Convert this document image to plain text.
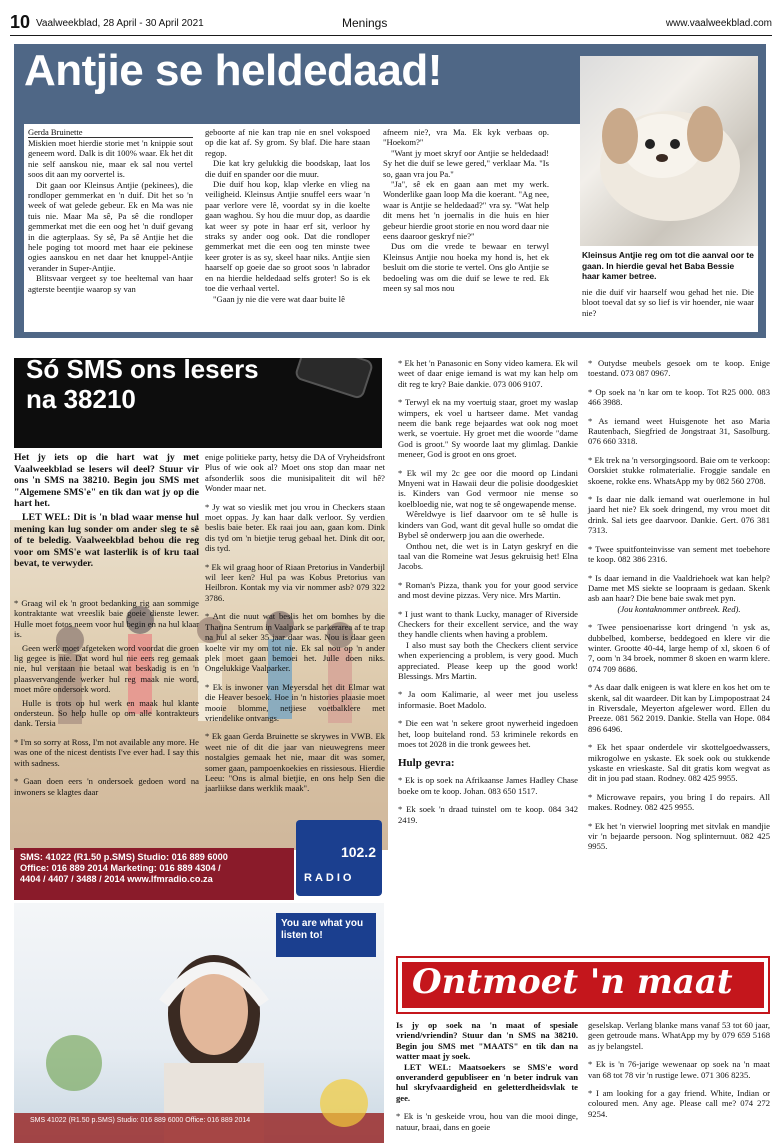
10 Vaalweekblad, 28 April - 30 April 2021	Menings	www.vaalweekblad.com
Antjie se heldedaad!
Gerda Bruinette

Miskien moet hierdie storie met 'n knippie sout geneem word. Dalk is dit 100% waar. Ek het dit nie self aanskou nie, maar ek sal nou vertel soos dit aan my oorvertel is.

Dit gaan oor Kleinsus Antjie (pekinees), die rondloper gemmerkat en 'n duif. Dit het so 'n week of wat gelede gebeur. Ek en Ma was nie tuis nie. Maar Ma sê, Pa sê die rondloper gemmerkat met die een oog het 'n duif gevang in die agterplaas. Sy sê, Pa sê Antjie het die hele poging tot moord met haar eie pekinese ogies aanskou en net daar het knuppel-Antjie verander in Super-Antjie.

Blitsvaar vergeet sy toe heeltemal van haar agterste beentjie waarop sy van

geboorte af nie kan trap nie en snel vokspoed op die kat af. Sy grom. Sy blaf. Die hare staan regop.

Die kat kry gelukkig die boodskap, laat los die duif en spander oor die muur.

Die duif hou kop, klap vlerke en vlieg na veiligheid. Kleinsus Antjie snuffel eers waar 'n paar verlore vere lê, voordat sy in die koelte gaan waghou. Sy hou die muur dop, as daardie kat weer sy pote in haar erf sit, verloor hy straks sy ander oog ook. Dat die rondloper gemmerkat met die een oog ten minste twee keer groter is as sy, skeel haar niks. Antjie sien haarself op goeie dae so groot soos 'n labrador en na hierdie heldedaad selfs groter! So is ek toe die verhaal vertel.

"Gaan jy nie die vere wat daar buite lê

afneem nie?, vra Ma. Ek kyk verbaas op. "Hoekom?"

"Want jy moet skryf oor Antjie se heldedaad! Sy het die duif se lewe gered," verklaar Ma. "Is so, gaan vra jou Pa."

"Ja", sê ek en gaan aan met my werk. Wonderlike gaan loop Ma die koerant. "Ag nee, waar is Antjie se heldedaad?" vra sy. "Wat help dit mens het 'n joernalis in die huis en hier gebeur hierdie groot storie en nou word daar nie eens daaroor geskryf nie?"

Dus om die vrede te bewaar en terwyl Kleinsus Antjie nou hoeka my hond is, het ek besluit om die storie te vertel. Ons glo Antjie se bedoeling was om die duif se lewe te red. Ek meen sy sal mos nou

Kleinsus Antjie reg om tot die aanval oor te gaan. In hierdie geval het Baba Bessie haar kamer betree.

nie die duif vir haarself wou gehad het nie. Die bloot toeval dat sy so lief is vir hoender, nie waar nie?

Só SMS ons lesers
na 38210

Het jy iets op die hart wat jy met Vaalweekblad se lesers wil deel? Stuur vir ons 'n SMS na 38210. Begin jou SMS met "Algemene SMS'e" en tik dan wat jy op die hart het.

LET WEL: Dit is 'n blad waar mense hul mening kan lug sonder om ander sleg te sê of te beledig. Vaalweekblad behou die reg voor om SMS'e wat lasterlik is of kru taal bevat, te verwyder.

* Graag wil ek 'n groot bedanking rig aan sommige kontraktante wat vreeslik baie goeie dienste lewer. Hulle moet fotos neem voor hul begin en na hul klaar is.

Geen werk moet afgeteken word voordat die groen lig gegee is nie. Dat word hul nie eers reg gemaak nie, hul verstaan nie betaal wat beskadig is en 'n plaasvervangende werker hul reg maak nie word, moet môre ondersoek word.

Hulle is trots op hul werk en maak hul klante ondersteun. So help hulle op om alle kontrakteurs dank. Tersia

* I'm so sorry at Ross, I'm not available any more. He was one of the nicest dentists I've ever had. I say this with sadness.

* Gaan doen eers 'n ondersoek gedoen word na inwoners se klagtes daar

enige politieke party, hetsy die DA of Vryheidsfront Plus of wie ook al? Moet ons stop dan maar net afsonderlik soos die munisipaliteit dit wil hê? Wonder maar net.

* Jy wat so vieslik met jou vrou in Checkers staan moet oppas. Jy kan haar dalk verloor. Sy verdien beslis baie beter. Ek raai jou aan, gaan kom. Dink dis tyd om 'n bietjie terug gebaal het. Dink dit oor, dis tyd.

* Ek wil graag hoor of Riaan Pretorius in Vanderbijl wil leer ken? Hul pa was Kobus Pretorius van Heilbron. Kontak my via vir nommer asb? 079 322 3786.

* Ant die nuut wat beslis het om bomhes by die Tharina Sentrum in Vaalpark se parkerarea af te trap na hul al seker 35 jaar daar was. Nou is daar geen koelte vir my om tot nie. Ek sal nou op 'n ander plek moet gaan bemoei het. Julle doen niks. Ongelukkige Vaalparker.

* Ek is inwoner van Meyersdal het dit Elmar wat die Heaver besoek. Hoe in 'n histories plaasie moet mooie blomme, netjiese voetbalklere met vriendelike ontvangs.

* Ek gaan Gerda Bruinette se skrywes in VWB. Ek weet nie of dit die jaar van nieuwegrens meer nostalgies gemaak het nie, maar dit was somer, somer gaan, pampoenkoekies en rissiesous. Hierdie Leeu: "Ons is almal bietjie, en ons help Sen die jaarliikse dans werklik maak".

SMS: 41022 (R1.50 p.SMS) Studio: 016 889 6000
Office: 016 889 2014 Marketing: 016 889 4304 /
4404 / 4407 / 3488 / 2014 www.lfmradio.co.za
102.2
RADIO
You are what you listen to!
SMS 41022 (R1.50 p.SMS) Studio: 016 889 6000 Office: 016 889 2014

* Ek het 'n Panasonic en Sony video kamera. Ek wil weet of daar enige iemand is wat my kan help om dit reg te kry? Baie dankie. 073 006 9107.

* Terwyl ek na my voertuig staar, groet my waslap wimpers, ek voel u hartseer dame. Met vandag neem die bank rege bejaardes wat ook nog moet werk, se voertuie. Hy groet met die woorde "dame God is groot." Sy woorde laat my glimlag. Dankie meneer, God is groot en ons groet.

* Ek wil my 2c gee oor die moord op Lindani Mnyeni wat in Hawaii deur die polisie doodgeskiet is. Kinders van God vermoor nie mense so koelbloedig nie, wat nog te sê ongewapende mense.

Wêreldwye is lief daarvoor om te sê hulle is kinders van God, want dit geval hulle so omdat die Bybel sê onderwerp jou aan die owerhede.

Onthou net, die wet is in Latyn geskryf en die taal van die Romeine wat Jesus gekruisig het! Elna Jacobs.

* Roman's Pizza, thank you for your good service and most devine pizzas. Very nice. Mrs Martin.

* I just want to thank Lucky, manager of Riverside Checkers for their excellent service, and the way they handle clients when having a problem.

I also must say both the Checkers client service when experiencing a problem, is very good. Much appreciated. Please keep up the good work! Blessings. Mrs Martin.

* Ja oom Kalimarie, al weer met jou useless informasie. Boet Madolo.

* Die een wat 'n sekere groot nywerheid ingedoen het, loop buiteland rond. 53 kriminele rekords en moes tot 2028 in die tronk gewees het.

Hulp gevra:

* Ek is op soek na Afrikaanse James Hadley Chase boeke om te koop. Johan. 083 650 1517.

* Ek soek 'n draad tuinstel om te koop. 084 342 2419.

* Outydse meubels gesoek om te koop. Enige toestand. 073 087 0967.

* Op soek na 'n kar om te koop. Tot R25 000. 083 466 3988.

* As iemand weet Huisgenote het aso Maria Rautenbach, Siegfried de Jongstraat 31, Sasolburg. 076 660 3318.

* Ek trek na 'n versorgingsoord. Baie om te verkoop: Oorskiet stukke rolmaterialie. Froggie sandale en skoene, rokke ens. WhatsApp my by 082 560 2708.

* Is daar nie dalk iemand wat ouerlemone in hul jaard het nie? Ek soek dringend, my vrou moet dit drink. Sal iets gee daarvoor. Dankie. Gert. 076 381 7313.

* Twee spuitfonteinvisse van sement met toebehore te koop. 082 386 2316.

* Is daar iemand in die Vaaldriehoek wat kan help? Dame met MS siekte se loopraam is gedaan. Skenk asb aan haar? Die bene baie swak met pyn.

(Jou kontaknommer ontbreek. Red).

* Twee pensioenarisse kort dringend 'n ysk as, dubbelbed, komberse, beddegoed en klere vir die winter. Grootte 40-44, large hemp of xl, skoen 6 of 7, oom 'n 34 broek, nommer 8 skoen en warm klere. 074 709 8686.

* As daar dalk enigeen is wat klere en kos het om te skenk, sal dit waardeer. Dit kan by Limpopostraat 24 in Riversdale, Meyerton afgelewer word. Ellen du Preeze. 081 562 2019. Dankie. Stella van Hope. 084 896 6496.

* Ek het spaar onderdele vir skottelgoedwassers, mikrogolwe en yskaste. Ek soek ook ou stukkende yskaste en vrieskaste. Sal dit gratis kom wegvat as dit in jou pad staan. Rodney. 082 425 9955.

* Microwave repairs, you bring I do repairs. All makes. Rodney. 082 425 9955.

* Ek het 'n vierwiel loopring met sitvlak en mandjie vir 'n bejaarde persoon. Nog splinternuut. 082 425 9955.

Ontmoet 'n maat

Is jy op soek na 'n maat of spesiale vriend/vriendin? Stuur dan 'n SMS na 38210. Begin jou SMS met "MAATS" en tik dan na watter maat jy soek.

LET WEL: Maatsoekers se SMS'e word onveranderd gepubliseer en 'n beter indruk van hul skryfvaardigheid en geletterdheidsvlak te gee.

* Ek is 'n geskeide vrou, hou van die mooi dinge, natuur, braai, dans en goeie

geselskap. Verlang blanke mans vanaf 53 tot 60 jaar, geen getroude mans. WhatApp my by 079 659 5168 as jy belangstel.

* Ek is 'n 76-jarige wewenaar op soek na 'n maat van 68 tot 78 vir 'n rustige lewe. 071 306 8235.

* I am looking for a gay friend. White, Indian or coloured men. Any age. Please call me? 074 272 9254.
